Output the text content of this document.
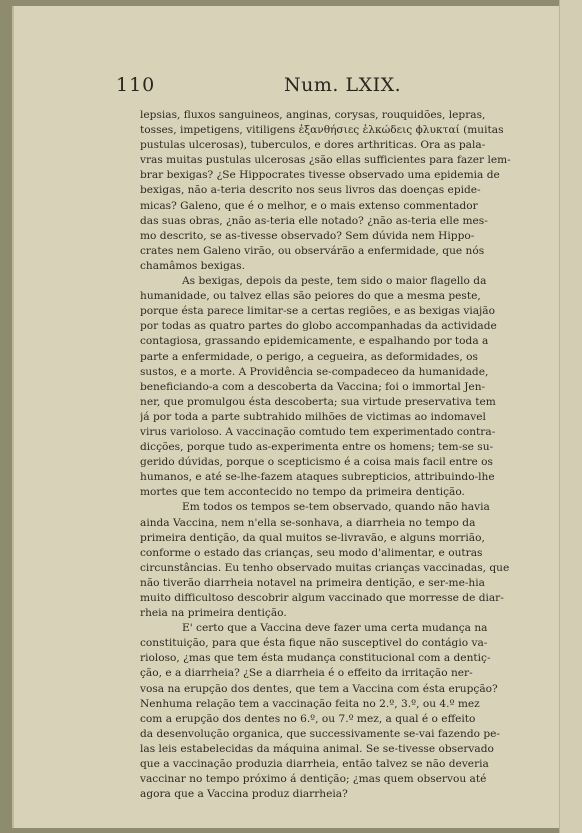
110	Num. LXIX.

lepsias, fluxos sanguineos, anginas, corysas, rouquidões, lepras,
tosses, impetigens, vitiligens ἐξανθήσιες ἑλκώδεις ϕλυκταί (muitas
pustulas ulcerosas), tuberculos, e dores arthriticas. Ora as pala-
vras muitas pustulas ulcerosas ¿são ellas sufficientes para fazer lem-
brar bexigas? ¿Se Hippocrates tivesse observado uma epidemia de
bexigas, não a-teria descrito nos seus livros das doenças epide-
micas? Galeno, que é o melhor, e o mais extenso commentador
das suas obras, ¿não as-teria elle notado? ¿não as-teria elle mes-
mo descrito, se as-tivesse observado? Sem dúvida nem Hippo-
crates nem Galeno virão, ou observárão a enfermidade, que nós
chamâmos bexigas.

As bexigas, depois da peste, tem sido o maior flagello da
humanidade, ou talvez ellas são peiores do que a mesma peste,
porque ésta parece limitar-se a certas regiões, e as bexigas viajão
por todas as quatro partes do globo accompanhadas da actividade
contagiosa, grassando epidemicamente, e espalhando por toda a
parte a enfermidade, o perigo, a cegueira, as deformidades, os
sustos, e a morte. A Providência se-compadeceo da humanidade,
beneficiando-a com a descoberta da Vaccina; foi o immortal Jen-
ner, que promulgou ésta descoberta; sua virtude preservativa tem
já por toda a parte subtrahido milhões de victimas ao indomavel
virus varioloso. A vaccinação comtudo tem experimentado contra-
dicções, porque tudo as-experimenta entre os homens; tem-se su-
gerido dúvidas, porque o scepticismo é a coisa mais facil entre os
humanos, e até se-lhe-fazem ataques subrepticios, attribuindo-lhe
mortes que tem accontecido no tempo da primeira dentição.

Em todos os tempos se-tem observado, quando não havia
ainda Vaccina, nem n'ella se-sonhava, a diarrheia no tempo da
primeira dentição, da qual muitos se-livravão, e alguns morrião,
conforme o estado das crianças, seu modo d'alimentar, e outras
circunstâncias. Eu tenho observado muitas crianças vaccinadas, que
não tiverão diarrheia notavel na primeira dentição, e ser-me-hia
muito difficultoso descobrir algum vaccinado que morresse de diar-
rheia na primeira dentição.

E' certo que a Vaccina deve fazer uma certa mudança na
constituição, para que ésta fique não susceptivel do contágio va-
rioloso, ¿mas que tem ésta mudança constitucional com a dentiç-
ção, e a diarrheia? ¿Se a diarrheia é o effeito da irritação ner-
vosa na erupção dos dentes, que tem a Vaccina com ésta erupção?
Nenhuma relação tem a vaccinação feita no 2.º, 3.º, ou 4.º mez
com a erupção dos dentes no 6.º, ou 7.º mez, a qual é o effeito
da desenvolução organica, que successivamente se-vai fazendo pe-
las leis estabelecidas da máquina animal. Se se-tivesse observado
que a vaccinação produzia diarrheia, então talvez se não deveria
vaccinar no tempo próximo á dentição; ¿mas quem observou até
agora que a Vaccina produz diarrheia?
